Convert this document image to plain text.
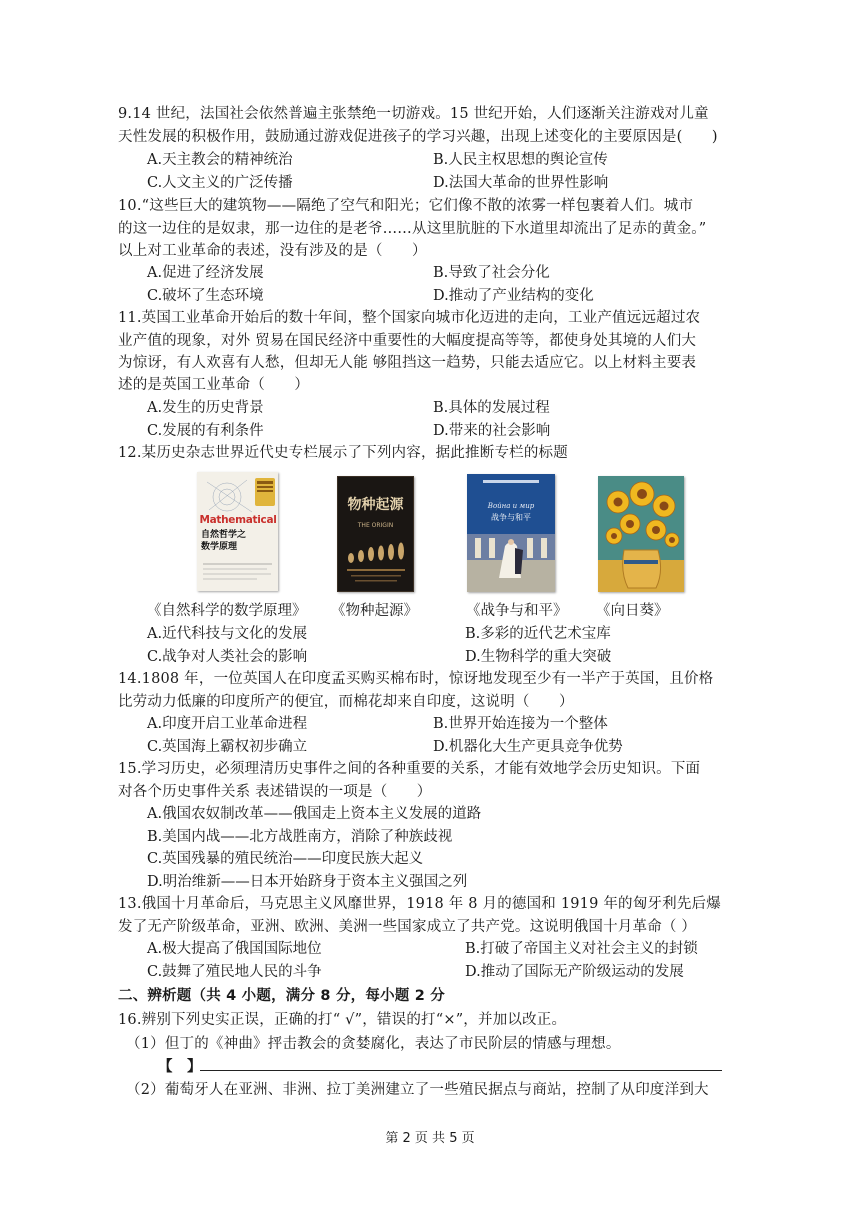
9.14 世纪，法国社会依然普遍主张禁绝一切游戏。15 世纪开始，人们逐渐关注游戏对儿童
天性发展的积极作用，鼓励通过游戏促进孩子的学习兴趣，出现上述变化的主要原因是(　　)
A.天主教会的精神统治	B.人民主权思想的舆论宣传
C.人文主义的广泛传播	D.法国大革命的世界性影响
10.“这些巨大的建筑物——隔绝了空气和阳光；它们像不散的浓雾一样包裹着人们。城市
的这一边住的是奴隶，那一边住的是老爷……从这里肮脏的下水道里却流出了足赤的黄金。”
以上对工业革命的表述，没有涉及的是（　　）
A.促进了经济发展	B.导致了社会分化
C.破坏了生态环境	D.推动了产业结构的变化
11.英国工业革命开始后的数十年间，整个国家向城市化迈进的走向，工业产值远远超过农
业产值的现象，对外 贸易在国民经济中重要性的大幅度提高等等，都使身处其境的人们大
为惊讶，有人欢喜有人愁，但却无人能 够阻挡这一趋势，只能去适应它。以上材料主要表
述的是英国工业革命（　　）
A.发生的历史背景	B.具体的发展过程
C.发展的有利条件	D.带来的社会影响
12.某历史杂志世界近代史专栏展示了下列内容，据此推断专栏的标题
Mathematical
自然哲学之数学原理
物种起源
THE ORIGIN
Война и мир
战争与和平
《自然科学的数学原理》 《物种起源》	《战争与和平》 《向日葵》
A.近代科技与文化的发展	B.多彩的近代艺术宝库
C.战争对人类社会的影响	D.生物科学的重大突破
14.1808 年，一位英国人在印度孟买购买棉布时，惊讶地发现至少有一半产于英国，且价格
比劳动力低廉的印度所产的便宜，而棉花却来自印度，这说明（　　）
A.印度开启工业革命进程	B.世界开始连接为一个整体
C.英国海上霸权初步确立	D.机器化大生产更具竞争优势
15.学习历史，必须理清历史事件之间的各种重要的关系，才能有效地学会历史知识。下面
对各个历史事件关系 表述错误的一项是（　　）
A.俄国农奴制改革——俄国走上资本主义发展的道路
B.美国内战——北方战胜南方，消除了种族歧视
C.英国残暴的殖民统治——印度民族大起义
D.明治维新——日本开始跻身于资本主义强国之列
13.俄国十月革命后，马克思主义风靡世界，1918 年 8 月的德国和 1919 年的匈牙利先后爆
发了无产阶级革命，亚洲、欧洲、美洲一些国家成立了共产党。这说明俄国十月革命（ ）
A.极大提高了俄国国际地位	B.打破了帝国主义对社会主义的封锁
C.鼓舞了殖民地人民的斗争	D.推动了国际无产阶级运动的发展
二、辨析题（共 4 小题，满分 8 分，每小题 2 分
16.辨别下列史实正误，正确的打“ √”，错误的打“×”，并加以改正。
（1）但丁的《神曲》抨击教会的贪婪腐化，表达了市民阶层的情感与理想。
【　】
（2）葡萄牙人在亚洲、非洲、拉丁美洲建立了一些殖民据点与商站，控制了从印度洋到大
第 2 页 共 5 页
